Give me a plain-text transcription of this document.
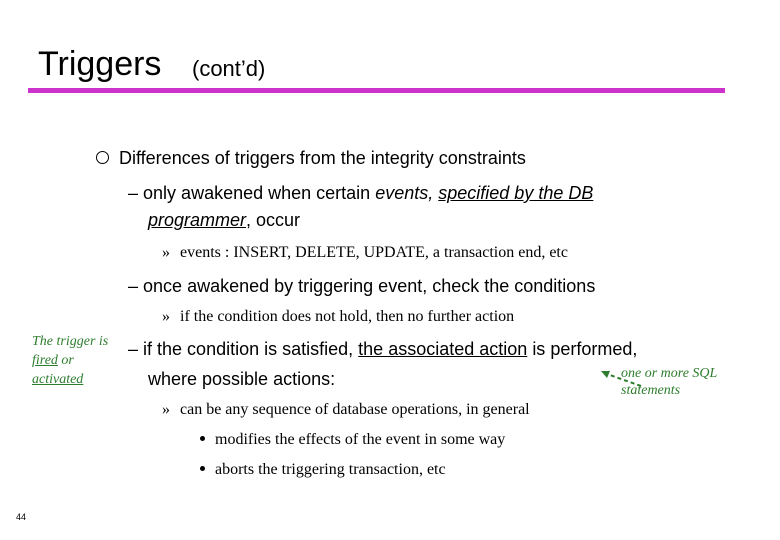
Triggers (cont’d)
Differences of triggers from the integrity constraints
– only awakened when certain events, specified by the DB
programmer, occur
» events : INSERT, DELETE, UPDATE, a transaction end, etc
– once awakened by triggering event, check the conditions
» if the condition does not hold, then no further action
– if the condition is satisfied, the associated action is performed,
where possible actions:
» can be any sequence of database operations, in general
modifies the effects of the event in some way
aborts the triggering transaction, etc
The trigger is fired or activated	one or more SQL statements
44
